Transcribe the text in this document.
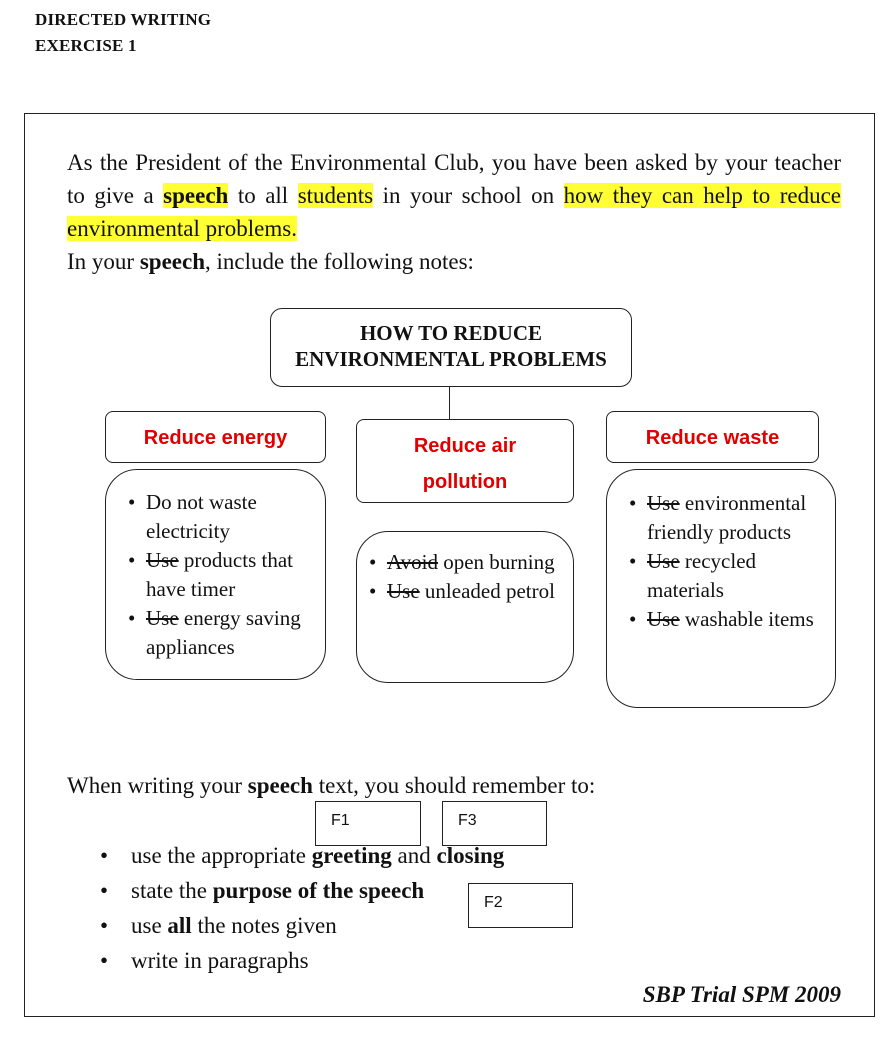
DIRECTED WRITING
EXERCISE 1
As the President of the Environmental Club, you have been asked by your teacher to give a speech to all students in your school on how they can help to reduce environmental problems.
In your speech, include the following notes:
HOW TO REDUCE
ENVIRONMENTAL PROBLEMS
Reduce energy	Reduce air
pollution
Reduce waste
• Do not waste electricity
• Use products that have timer
• Use energy saving appliances
• Avoid open burning
• Use unleaded petrol
• Use environmental friendly products
• Use recycled materials
• Use washable items
When writing your speech text, you should remember to:
F1	F3
• use the appropriate greeting and closing
• state the purpose of the speech
• use all the notes given
• write in paragraphs
F2
SBP Trial SPM 2009
